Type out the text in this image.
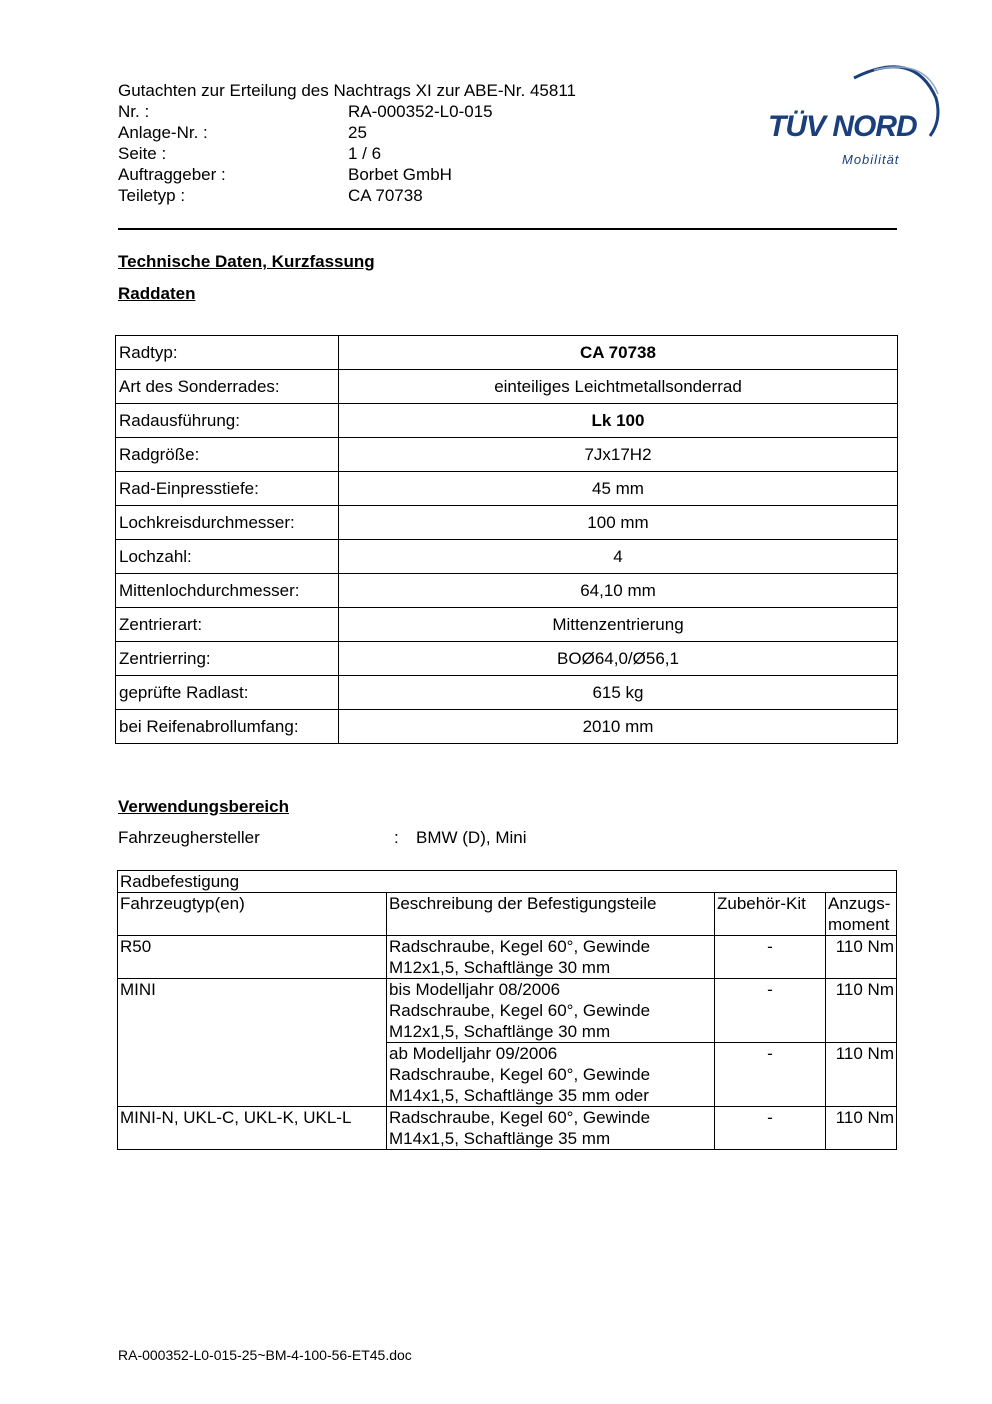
Gutachten zur Erteilung des Nachtrags XI zur ABE-Nr. 45811
Nr. :	RA-000352-L0-015
Anlage-Nr. :	25
Seite :	1 / 6
Auftraggeber :	Borbet GmbH
Teiletyp :	CA 70738
TÜV NORD
Mobilität
Technische Daten, Kurzfassung
Raddaten
Radtyp:	CA 70738
Art des Sonderrades:	einteiliges Leichtmetallsonderrad
Radausführung:	Lk 100
Radgröße:	7Jx17H2
Rad-Einpresstiefe:	45 mm
Lochkreisdurchmesser:	100 mm
Lochzahl:	4
Mittenlochdurchmesser:	64,10 mm
Zentrierart:	Mittenzentrierung
Zentrierring:	BOØ64,0/Ø56,1
geprüfte Radlast:	615 kg
bei Reifenabrollumfang:	2010 mm
Verwendungsbereich
Fahrzeughersteller	: BMW (D), Mini
Radbefestigung			
Fahrzeugtyp(en)	Beschreibung der Befestigungsteile	Zubehör-Kit	Anzugs-
moment
R50	Radschraube, Kegel 60°, Gewinde
M12x1,5, Schaftlänge 30 mm	-	110 Nm
MINI	bis Modelljahr 08/2006
Radschraube, Kegel 60°, Gewinde
M12x1,5, Schaftlänge 30 mm	-	110 Nm
	ab Modelljahr 09/2006
Radschraube, Kegel 60°, Gewinde
M14x1,5, Schaftlänge 35 mm oder	-	110 Nm
MINI-N, UKL-C, UKL-K, UKL-L	Radschraube, Kegel 60°, Gewinde
M14x1,5, Schaftlänge 35 mm	-	110 Nm
RA-000352-L0-015-25~BM-4-100-56-ET45.doc
